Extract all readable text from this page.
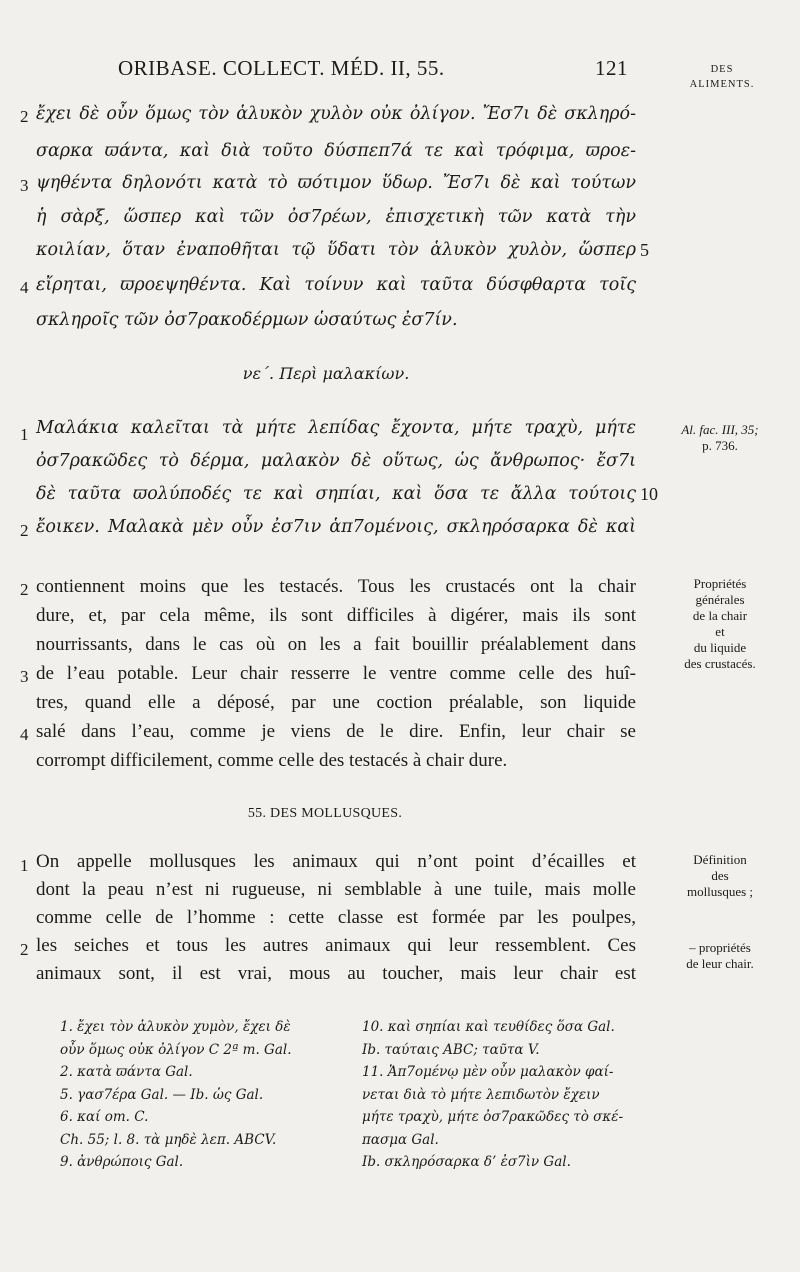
ORIBASE. COLLECT. MÉD. II, 55.	121	DES
ALIMENTS.
2 ἔχει δὲ οὖν ὅμως τὸν ἁλυκὸν χυλὸν οὐκ ὀλίγον. Ἔσ7ι δὲ σκληρό-
σαρκα ϖάντα, καὶ διὰ τοῦτο δύσπεπ7ά τε καὶ τρόφιμα, ϖροε-
3 ψηθέντα δηλονότι κατὰ τὸ ϖότιμον ὕδωρ. Ἔσ7ι δὲ καὶ τούτων
ἡ σὰρξ, ὥσπερ καὶ τῶν ὀσ7ρέων, ἐπισχετικὴ τῶν κατὰ τὴν
κοιλίαν, ὅταν ἐναποθῆται τῷ ὕδατι τὸν ἁλυκὸν χυλὸν, ὥσπερ 5
4 εἴρηται, ϖροεψηθέντα. Καὶ τοίνυν καὶ ταῦτα δύσφθαρτα τοῖς
σκληροῖς τῶν ὀσ7ρακοδέρμων ὡσαύτως ἐσ7ίν.
νε΄. Περὶ μαλακίων.
1 Μαλάκια καλεῖται τὰ μήτε λεπίδας ἔχοντα, μήτε τραχὺ, μήτε
ὀσ7ρακῶδες τὸ δέρμα, μαλακὸν δὲ οὕτως, ὡς ἄνθρωπος· ἔσ7ι
δὲ ταῦτα ϖολύποδές τε καὶ σηπίαι, καὶ ὅσα τε ἄλλα τούτοις 10
2 ἔοικεν. Μαλακὰ μὲν οὖν ἐσ7ιν ἁπ7ομένοις, σκληρόσαρκα δὲ καὶ
Al. fac. III, 35;
p. 736.
Propriétés
générales
de la chair
et
du liquide
des crustacés.
Définition
des
mollusques ;
– propriétés
de leur chair.
2 contiennent moins que les testacés. Tous les crustacés ont la chair
dure, et, par cela même, ils sont difficiles à digérer, mais ils sont
nourrissants, dans le cas où on les a fait bouillir préalablement dans
3 de l’eau potable. Leur chair resserre le ventre comme celle des huî-
tres, quand elle a déposé, par une coction préalable, son liquide
4 salé dans l’eau, comme je viens de le dire. Enfin, leur chair se
corrompt difficilement, comme celle des testacés à chair dure.
55. DES MOLLUSQUES.
1 On appelle mollusques les animaux qui n’ont point d’écailles et
dont la peau n’est ni rugueuse, ni semblable à une tuile, mais molle
comme celle de l’homme : cette classe est formée par les poulpes,
2 les seiches et tous les autres animaux qui leur ressemblent. Ces
animaux sont, il est vrai, mous au toucher, mais leur chair est
1. ἔχει τὸν ἁλυκὸν χυμὸν, ἔχει δὲ
οὖν ὅμως οὐκ ὀλίγον C 2ª m. Gal.
2. κατὰ ϖάντα Gal.
5. γασ7έρα Gal. — Ib. ὡς Gal.
6. καί om. C.
Ch. 55; l. 8. τὰ μηδὲ λεπ. ABCV.
9. ἀνθρώποις Gal.
10. καὶ σηπίαι καὶ τευθίδες ὅσα Gal.
Ib. ταύταις ABC; ταῦτα V.
11. Ἁπ7ομένῳ μὲν οὖν μαλακὸν φαί-
νεται διὰ τὸ μήτε λεπιδωτὸν ἔχειν
μήτε τραχὺ, μήτε ὀσ7ρακῶδες τὸ σκέ-
πασμα Gal.
Ib. σκληρόσαρκα δ’ ἐσ7ὶν Gal.
